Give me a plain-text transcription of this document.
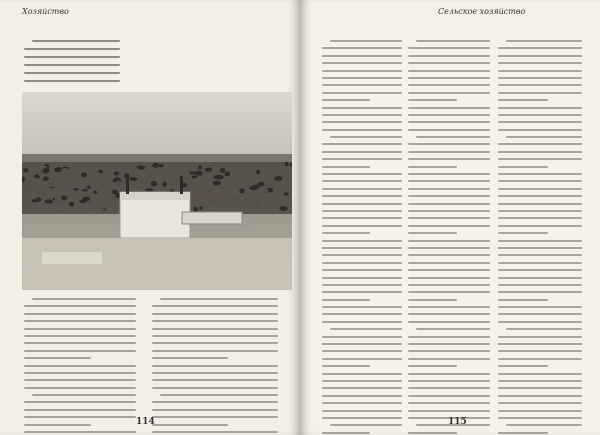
Хозяйство
114
Сельское хозяйство
115
